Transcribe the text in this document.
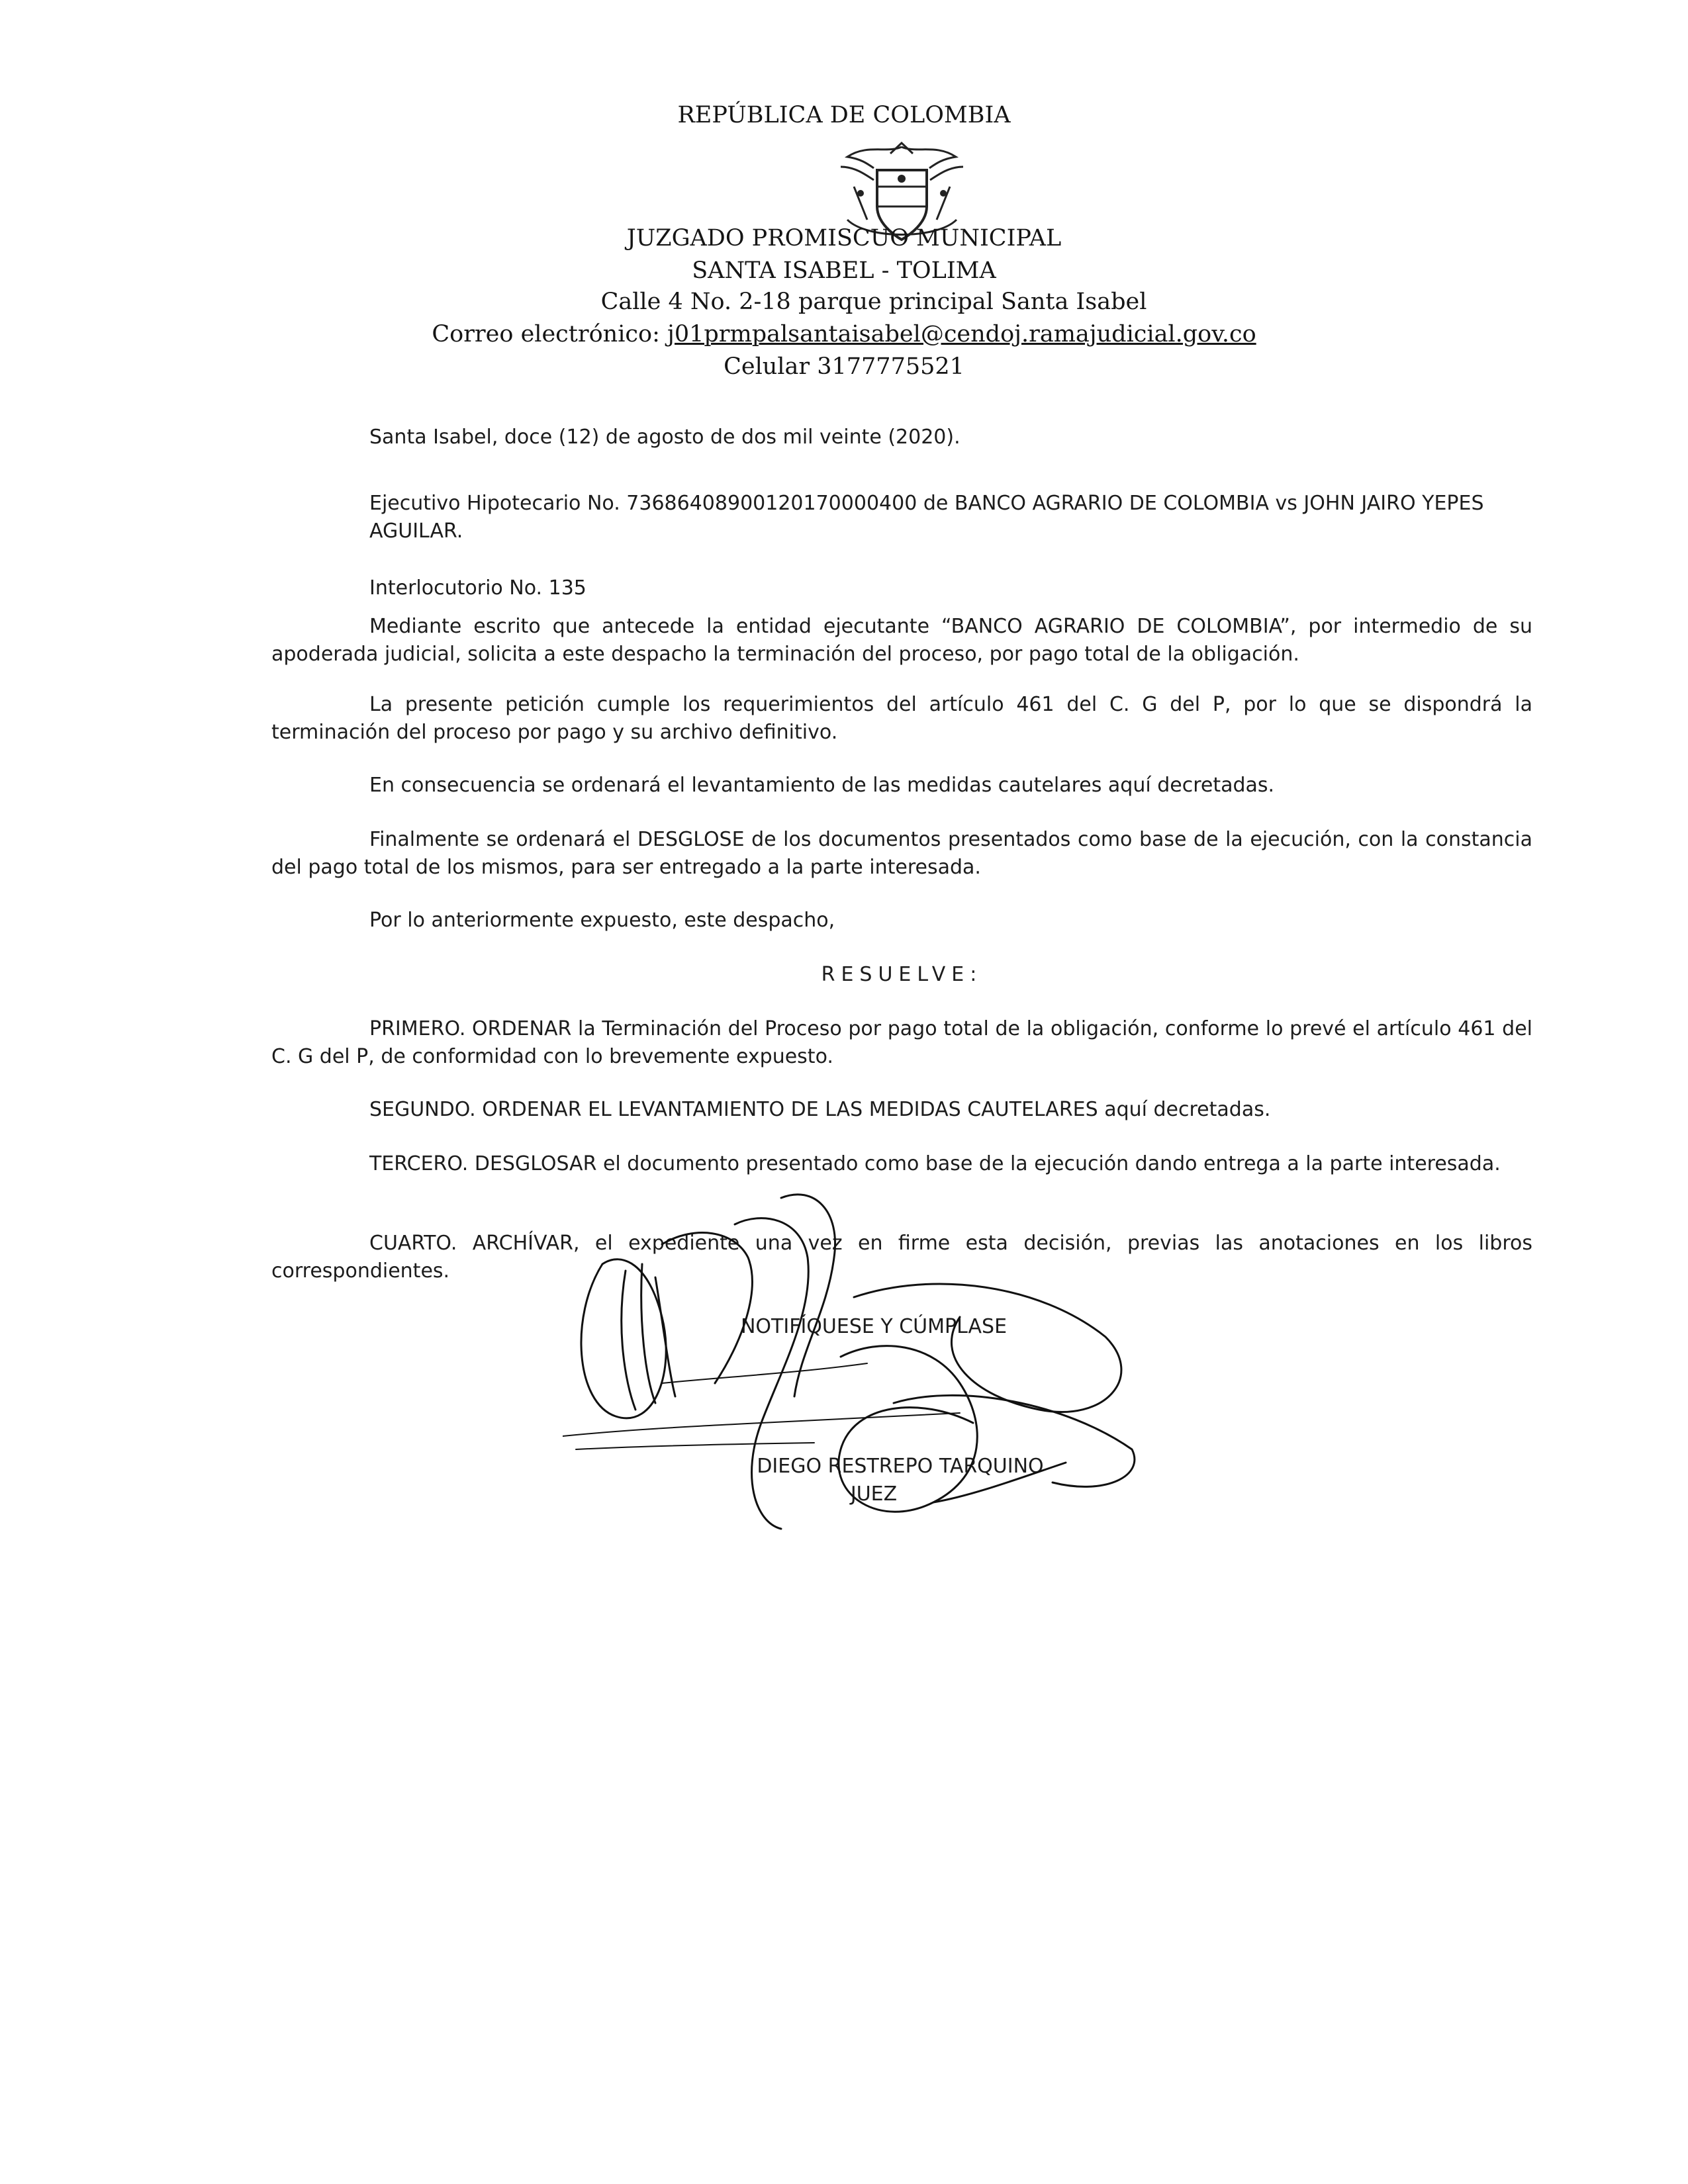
REPÚBLICA DE COLOMBIA
JUZGADO PROMISCUO MUNICIPAL
SANTA ISABEL - TOLIMA
Calle 4 No. 2-18 parque principal Santa Isabel
Correo electrónico: j01prmpalsantaisabel@cendoj.ramajudicial.gov.co
Celular 3177775521

Santa Isabel, doce (12) de agosto de dos mil veinte (2020).

Ejecutivo Hipotecario No. 73686408900120170000400 de BANCO AGRARIO DE COLOMBIA vs JOHN JAIRO YEPES AGUILAR.

Interlocutorio No. 135

Mediante escrito que antecede la entidad ejecutante “BANCO AGRARIO DE COLOMBIA”, por intermedio de su apoderada judicial, solicita a este despacho la terminación del proceso, por pago total de la obligación.

La presente petición cumple los requerimientos del artículo 461 del C. G del P, por lo que se dispondrá la terminación del proceso por pago y su archivo definitivo.

En consecuencia se ordenará el levantamiento de las medidas cautelares aquí decretadas.

Finalmente se ordenará el DESGLOSE de los documentos presentados como base de la ejecución, con la constancia del pago total de los mismos, para ser entregado a la parte interesada.

Por lo anteriormente expuesto, este despacho,

RESUELVE:

PRIMERO. ORDENAR la Terminación del Proceso por pago total de la obligación, conforme lo prevé el artículo 461 del C. G del P, de conformidad con lo brevemente expuesto.

SEGUNDO. ORDENAR EL LEVANTAMIENTO DE LAS MEDIDAS CAUTELARES aquí decretadas.

TERCERO. DESGLOSAR el documento presentado como base de la ejecución dando entrega a la parte interesada.

CUARTO. ARCHÍVAR, el expediente una vez en firme esta decisión, previas las anotaciones en los libros correspondientes.

NOTIFÍQUESE Y CÚMPLASE
DIEGO RESTREPO TARQUINO
JUEZ
